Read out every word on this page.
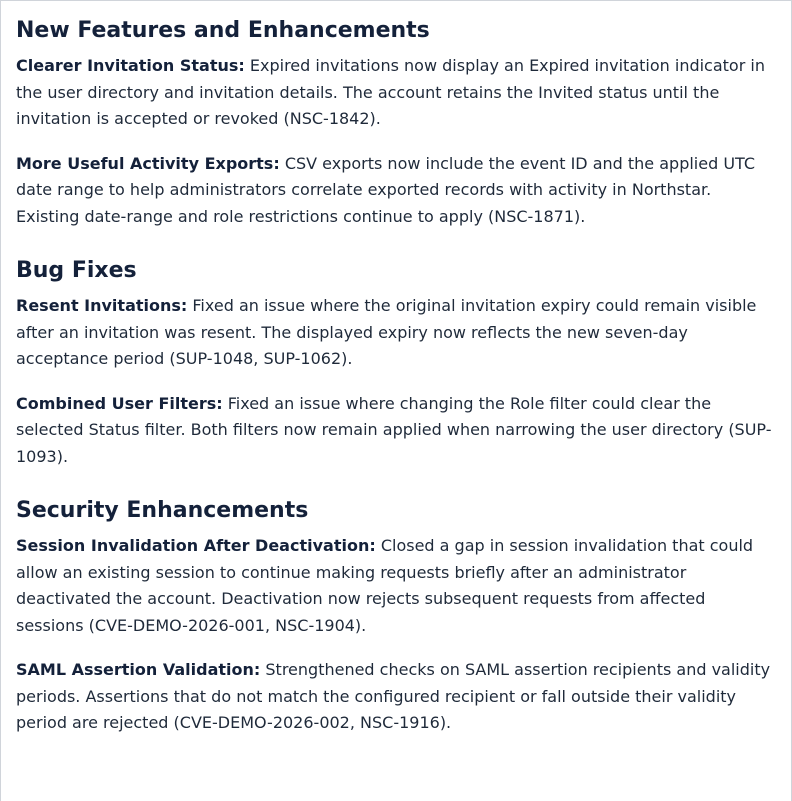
New Features and Enhancements

Clearer Invitation Status: Expired invitations now display an Expired invitation indicator in the user directory and invitation details. The account retains the Invited status until the invitation is accepted or revoked (NSC-1842).

More Useful Activity Exports: CSV exports now include the event ID and the applied UTC date range to help administrators correlate exported records with activity in Northstar. Existing date-range and role restrictions continue to apply (NSC-1871).

Bug Fixes

Resent Invitations: Fixed an issue where the original invitation expiry could remain visible after an invitation was resent. The displayed expiry now reflects the new seven-day acceptance period (SUP-1048, SUP-1062).

Combined User Filters: Fixed an issue where changing the Role filter could clear the selected Status filter. Both filters now remain applied when narrowing the user directory (SUP-1093).

Security Enhancements

Session Invalidation After Deactivation: Closed a gap in session invalidation that could allow an existing session to continue making requests briefly after an administrator deactivated the account. Deactivation now rejects subsequent requests from affected sessions (CVE-DEMO-2026-001, NSC-1904).

SAML Assertion Validation: Strengthened checks on SAML assertion recipients and validity periods. Assertions that do not match the configured recipient or fall outside their validity period are rejected (CVE-DEMO-2026-002, NSC-1916).
